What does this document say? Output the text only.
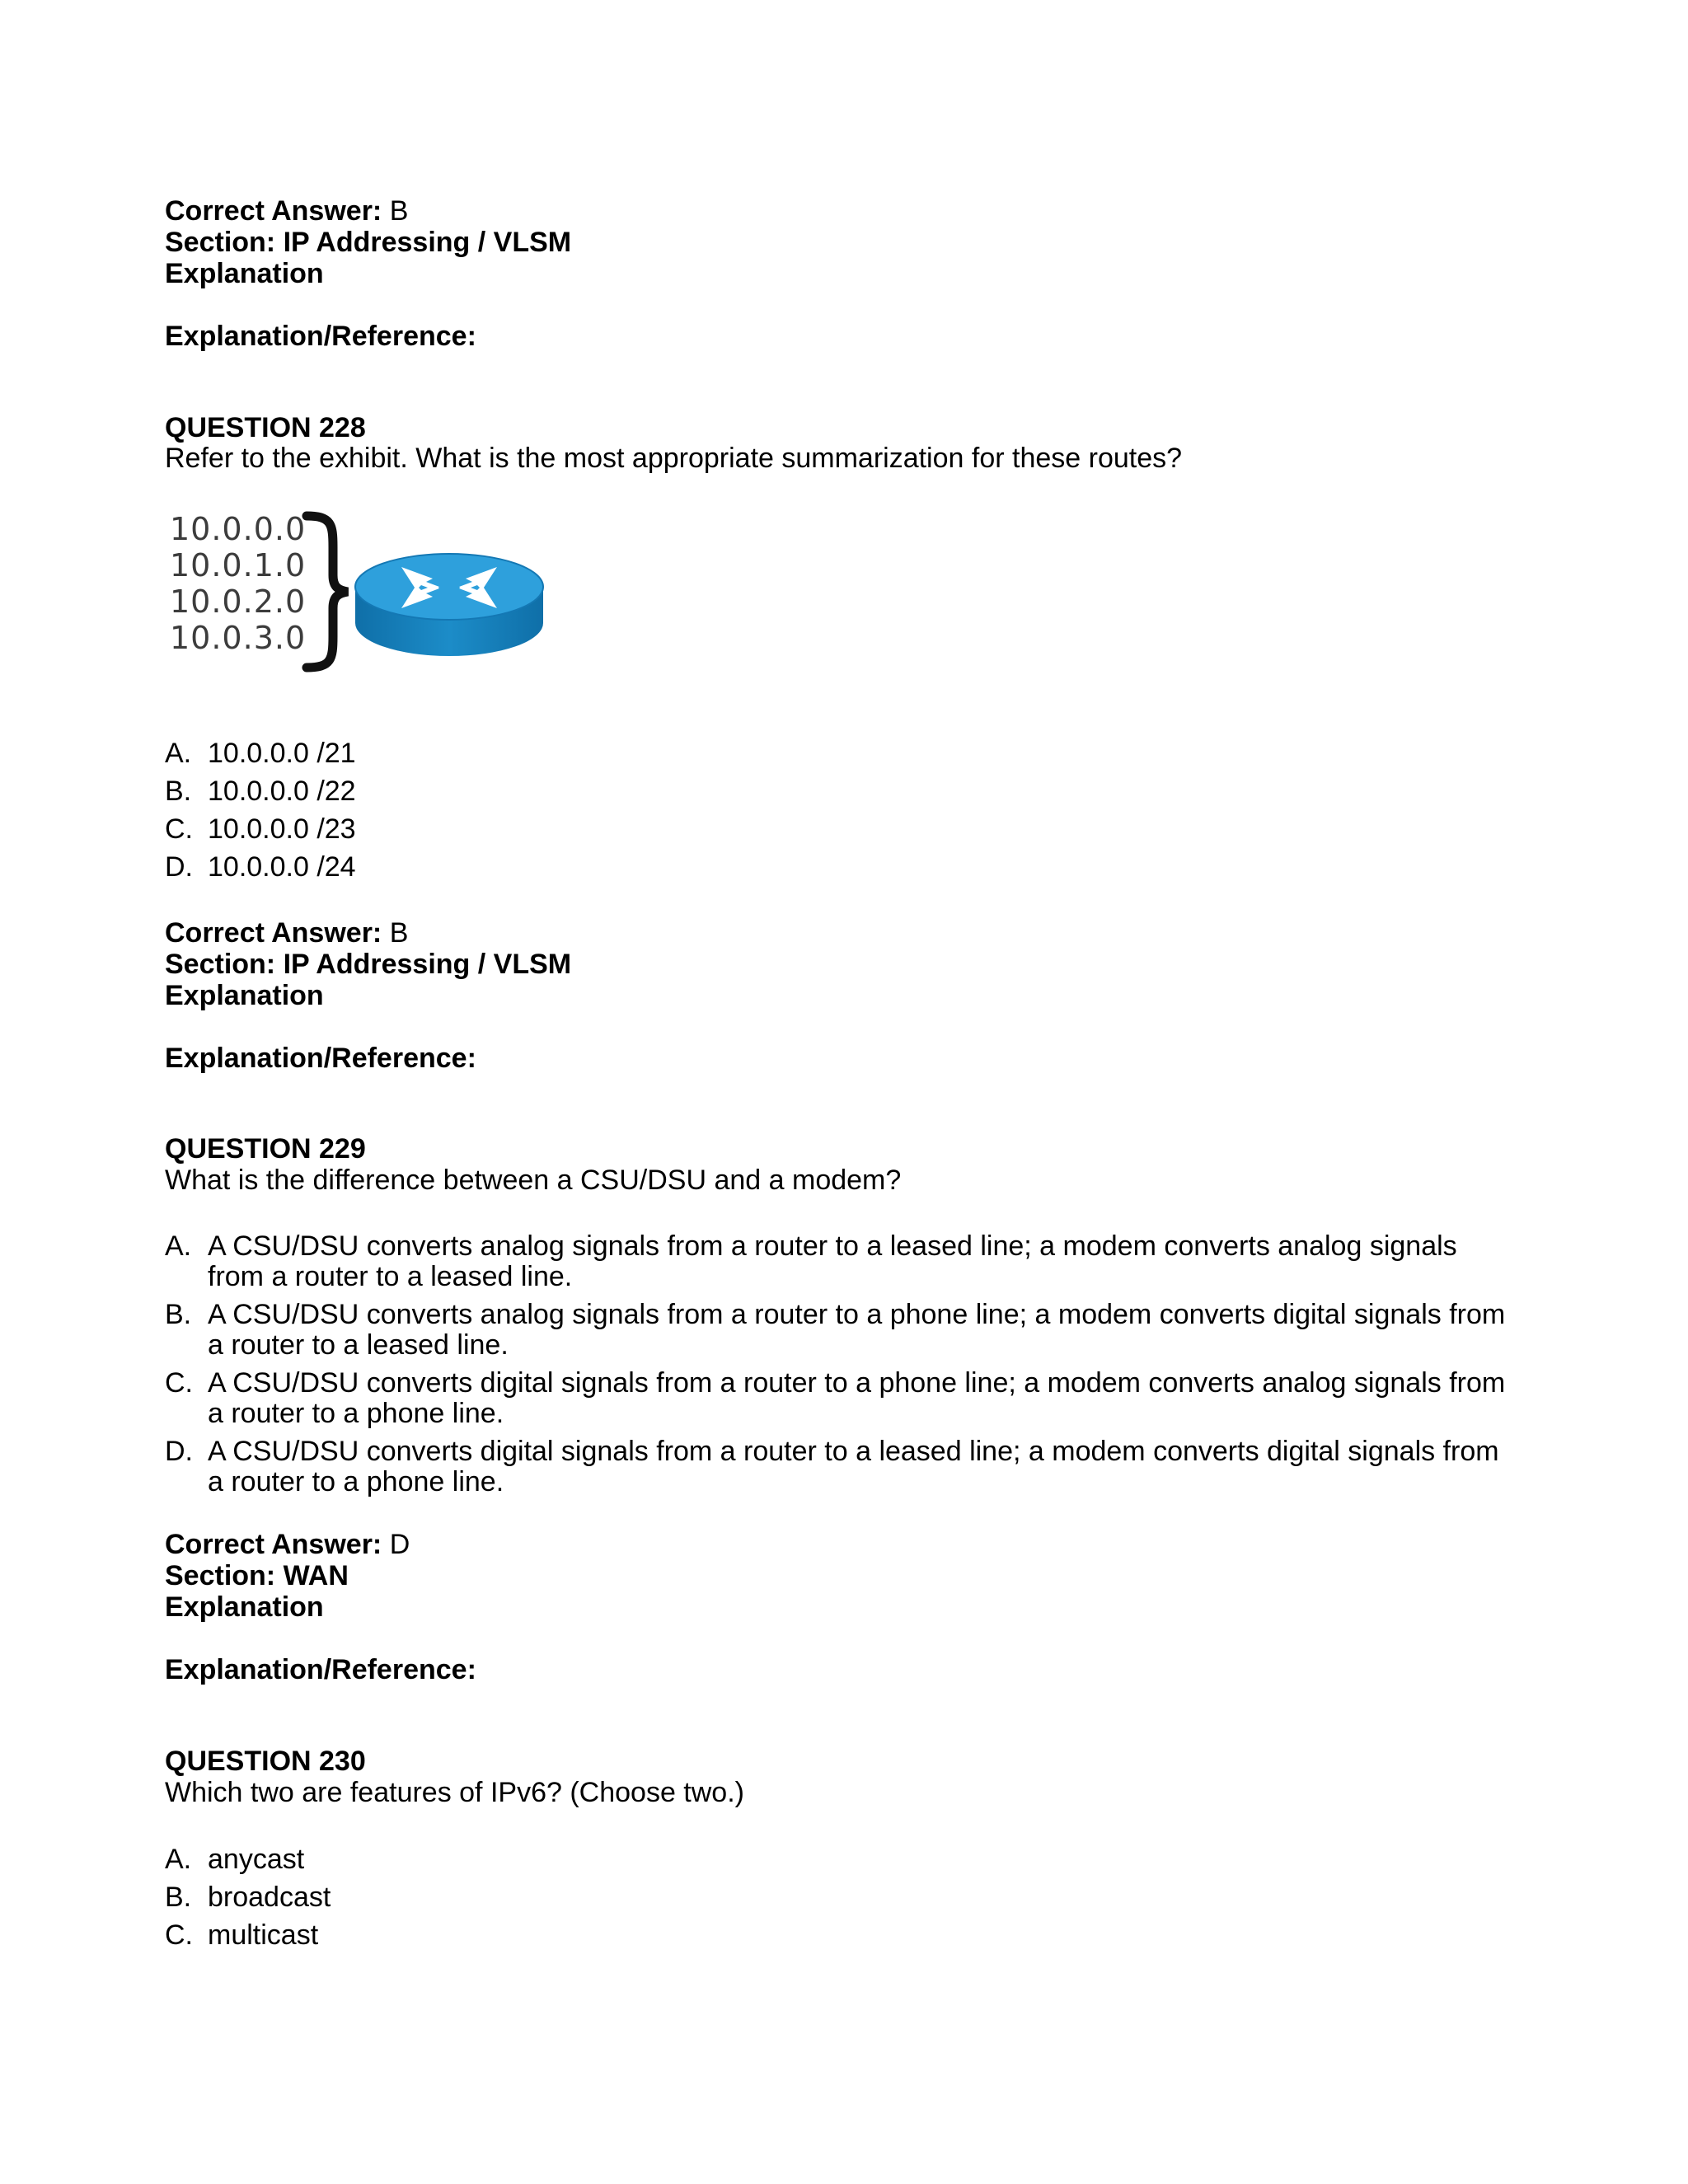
Correct Answer: B
Section: IP Addressing / VLSM
Explanation
Explanation/Reference:
QUESTION 228
Refer to the exhibit. What is the most appropriate summarization for these routes?
10.0.0.0
10.0.1.0
10.0.2.0
10.0.3.0
A. 10.0.0.0 /21
B. 10.0.0.0 /22
C. 10.0.0.0 /23
D. 10.0.0.0 /24
Correct Answer: B
Section: IP Addressing / VLSM
Explanation
Explanation/Reference:
QUESTION 229
What is the difference between a CSU/DSU and a modem?
A. A CSU/DSU converts analog signals from a router to a leased line; a modem converts analog signals from a router to a leased line.
B. A CSU/DSU converts analog signals from a router to a phone line; a modem converts digital signals from a router to a leased line.
C. A CSU/DSU converts digital signals from a router to a phone line; a modem converts analog signals from a router to a phone line.
D. A CSU/DSU converts digital signals from a router to a leased line; a modem converts digital signals from a router to a phone line.
Correct Answer: D
Section: WAN
Explanation
Explanation/Reference:
QUESTION 230
Which two are features of IPv6? (Choose two.)
A. anycast
B. broadcast
C. multicast
